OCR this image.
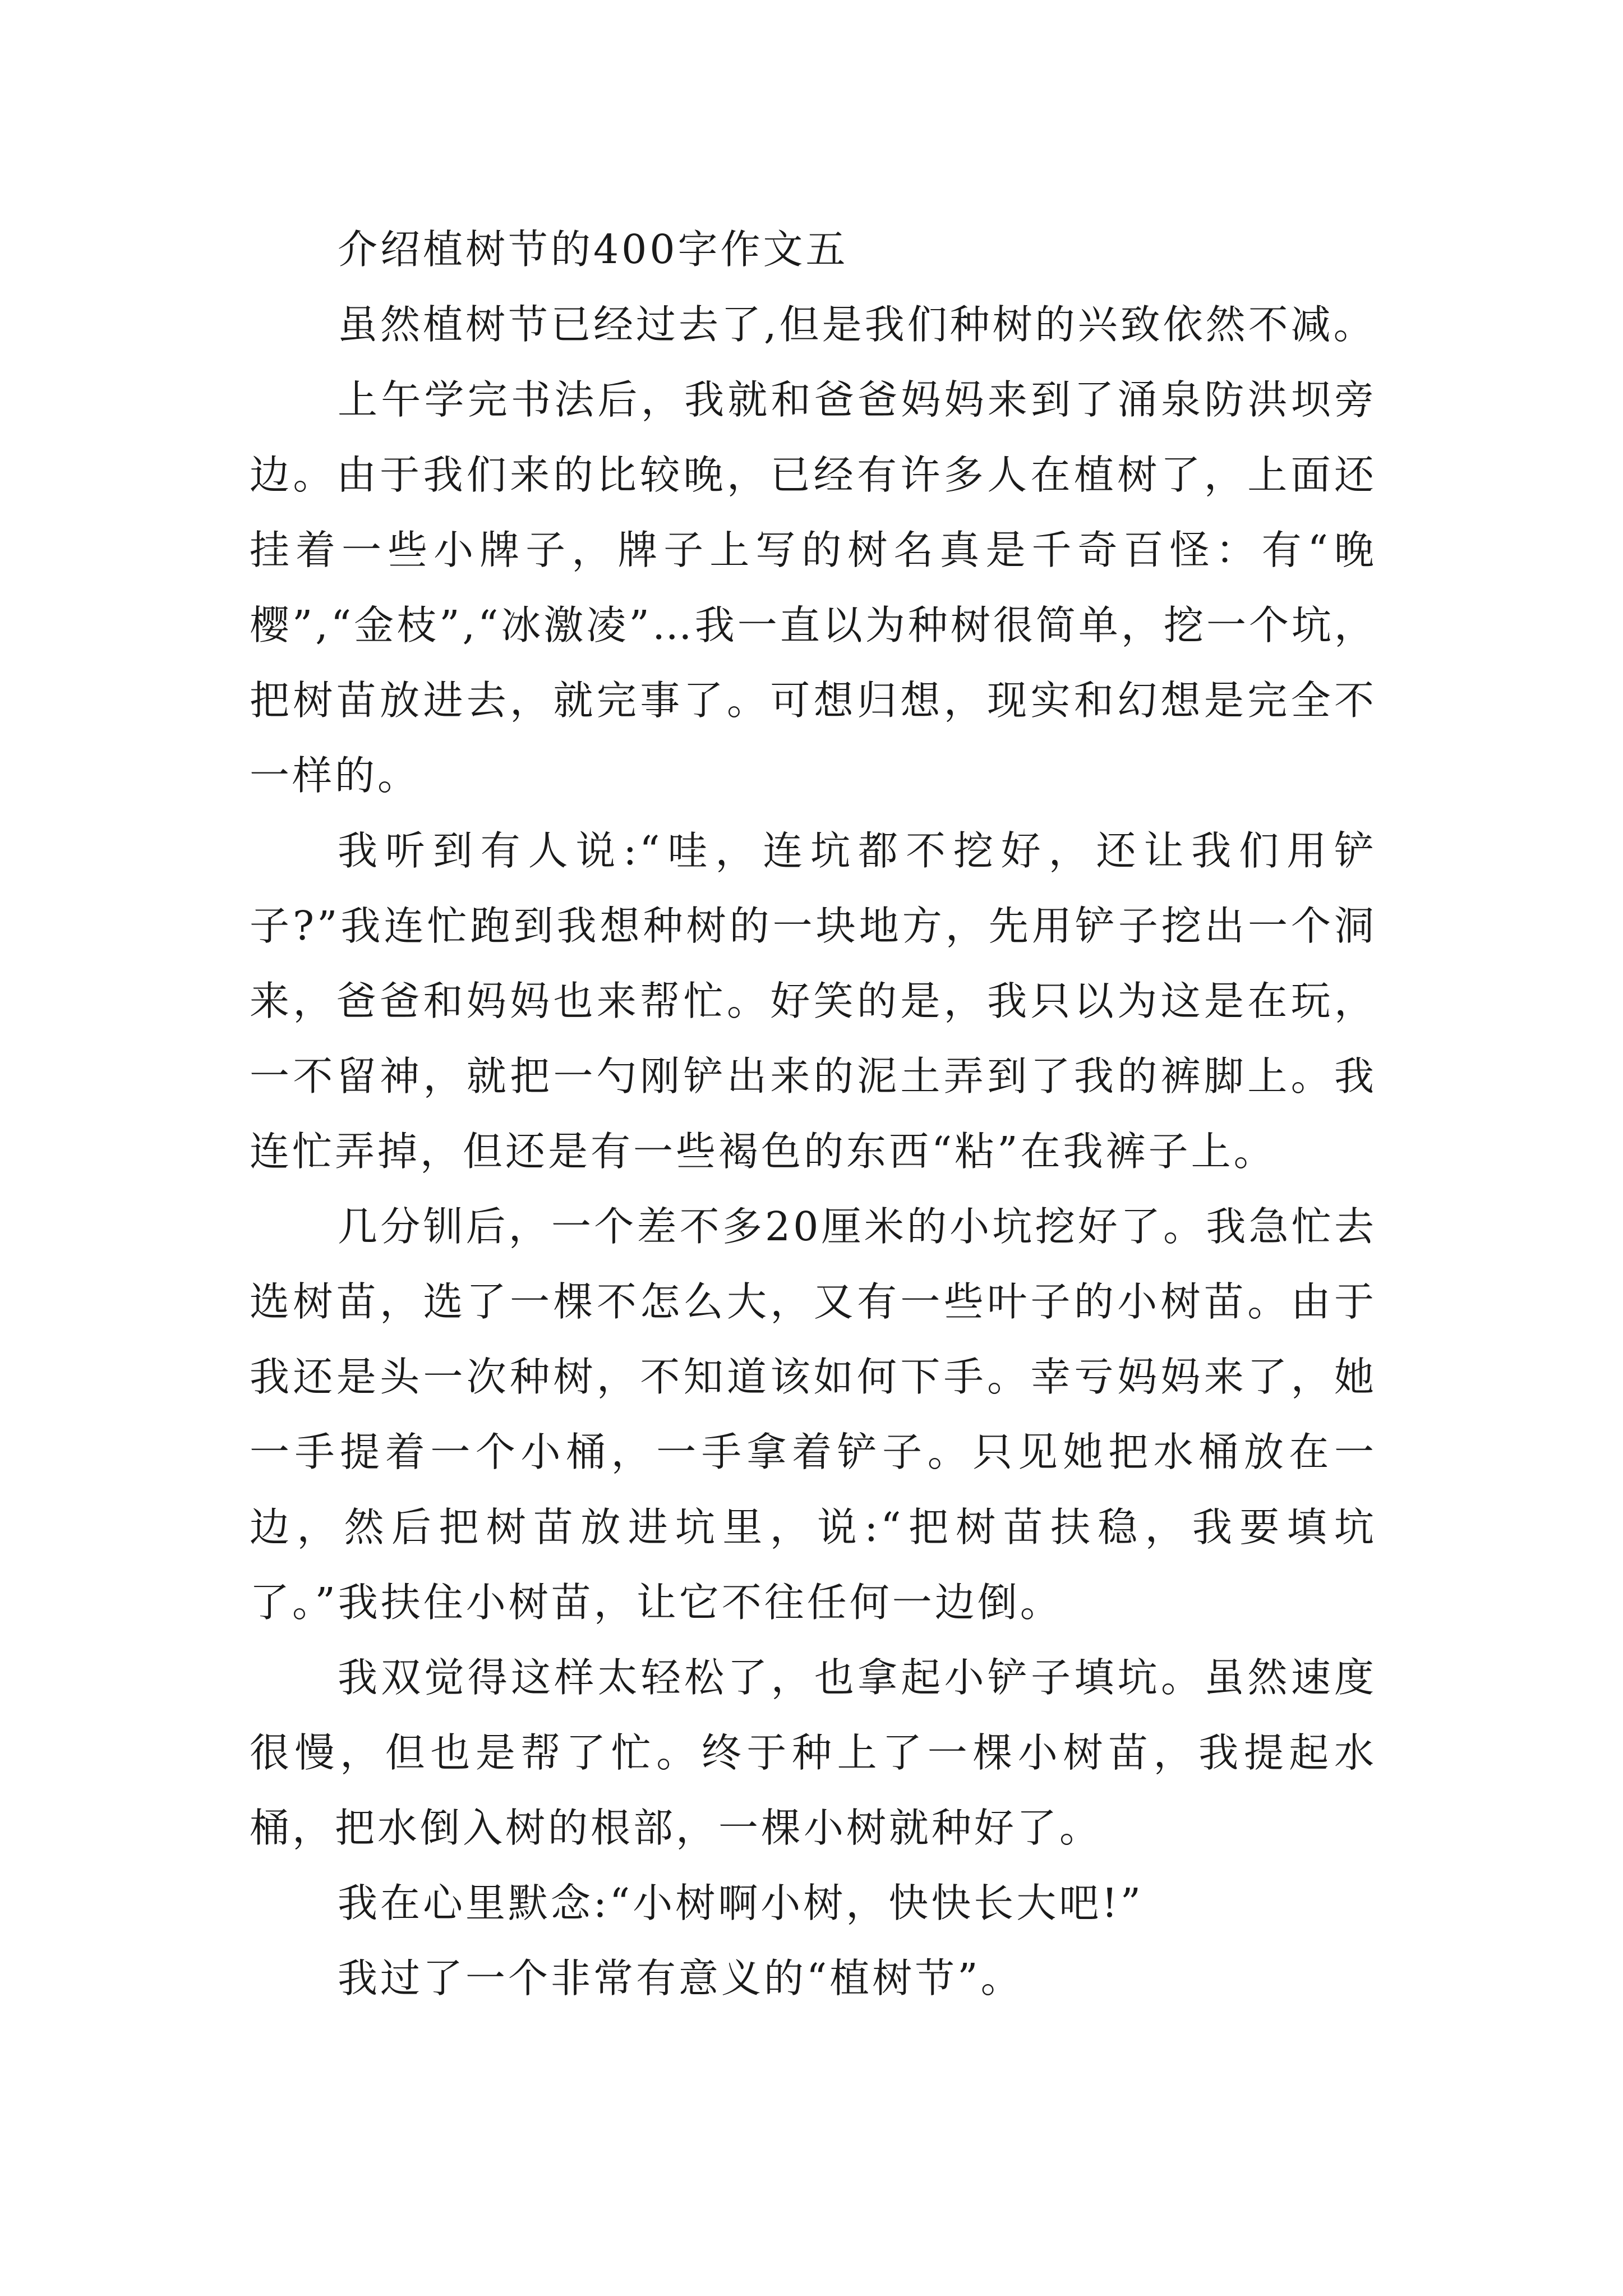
介绍植树节的400字作文五

虽然植树节已经过去了,但是我们种树的兴致依然不减。

上午学完书法后，我就和爸爸妈妈来到了涌泉防洪坝旁边。由于我们来的比较晚，已经有许多人在植树了，上面还挂着一些小牌子，牌子上写的树名真是千奇百怪：有“晚樱”,“金枝”,“冰激凌”…我一直以为种树很简单，挖一个坑，把树苗放进去，就完事了。可想归想，现实和幻想是完全不一样的。

我听到有人说:“哇，连坑都不挖好，还让我们用铲子?”我连忙跑到我想种树的一块地方，先用铲子挖出一个洞来，爸爸和妈妈也来帮忙。好笑的是，我只以为这是在玩，一不留神，就把一勺刚铲出来的泥土弄到了我的裤脚上。我连忙弄掉，但还是有一些褐色的东西“粘”在我裤子上。

几分钏后，一个差不多20厘米的小坑挖好了。我急忙去选树苗，选了一棵不怎么大，又有一些叶子的小树苗。由于我还是头一次种树，不知道该如何下手。幸亏妈妈来了，她一手提着一个小桶，一手拿着铲子。只见她把水桶放在一边，然后把树苗放进坑里，说:“把树苗扶稳，我要填坑了。”我扶住小树苗，让它不往任何一边倒。

我双觉得这样太轻松了，也拿起小铲子填坑。虽然速度很慢，但也是帮了忙。终于种上了一棵小树苗，我提起水桶，把水倒入树的根部，一棵小树就种好了。

我在心里默念:“小树啊小树，快快长大吧!”

我过了一个非常有意义的“植树节”。
